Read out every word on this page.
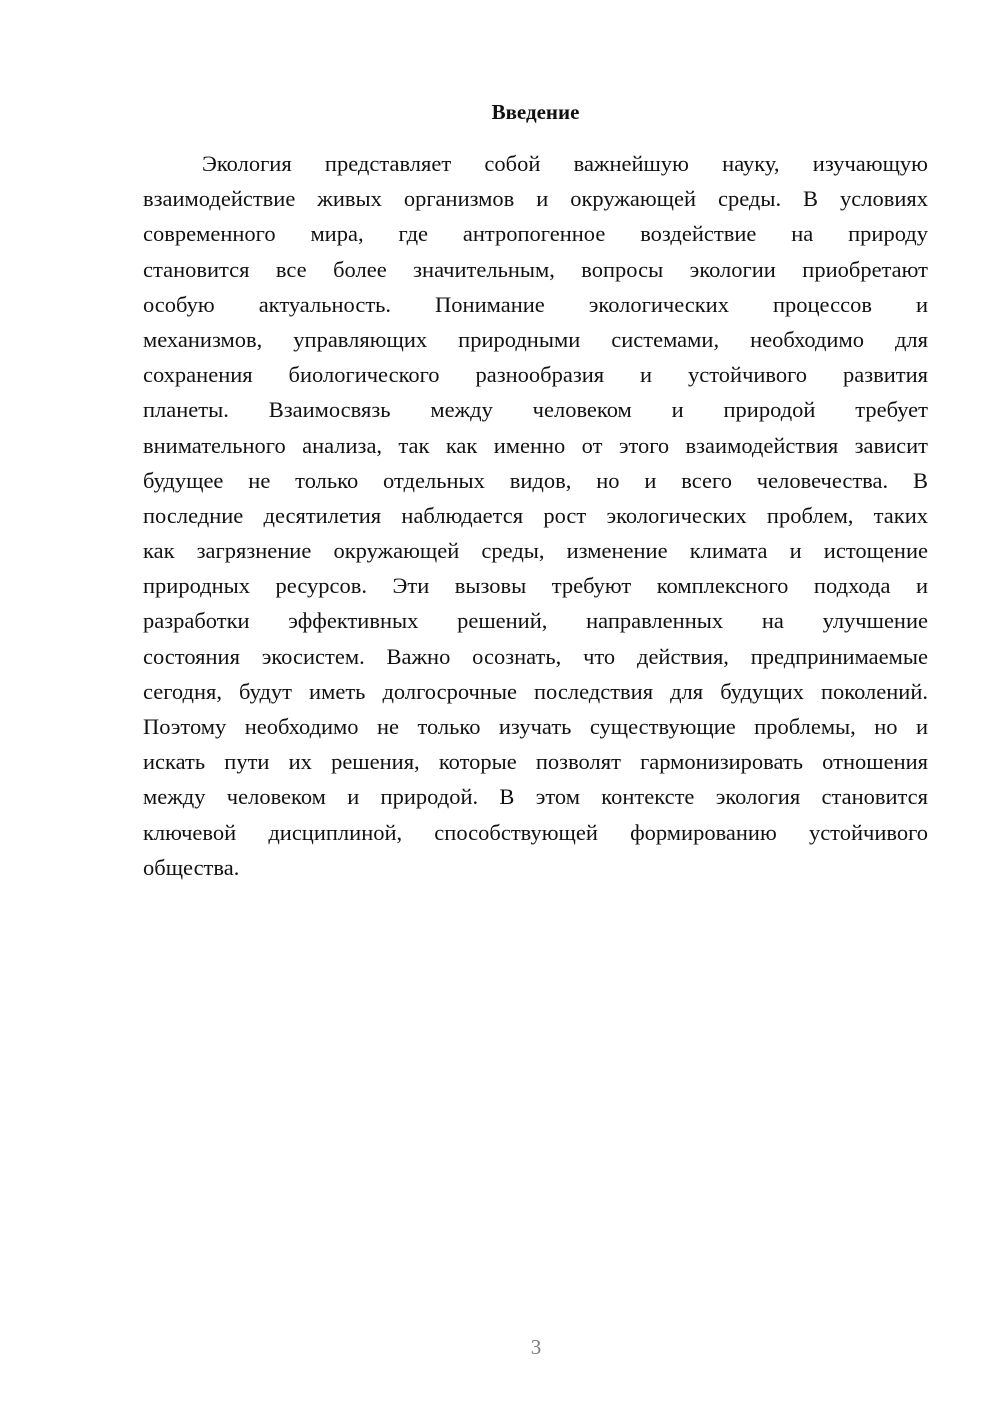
Введение
Экология представляет собой важнейшую науку, изучающую
взаимодействие живых организмов и окружающей среды. В условиях
современного мира, где антропогенное воздействие на природу
становится все более значительным, вопросы экологии приобретают
особую актуальность. Понимание экологических процессов и
механизмов, управляющих природными системами, необходимо для
сохранения биологического разнообразия и устойчивого развития
планеты. Взаимосвязь между человеком и природой требует
внимательного анализа, так как именно от этого взаимодействия зависит
будущее не только отдельных видов, но и всего человечества. В
последние десятилетия наблюдается рост экологических проблем, таких
как загрязнение окружающей среды, изменение климата и истощение
природных ресурсов. Эти вызовы требуют комплексного подхода и
разработки эффективных решений, направленных на улучшение
состояния экосистем. Важно осознать, что действия, предпринимаемые
сегодня, будут иметь долгосрочные последствия для будущих поколений.
Поэтому необходимо не только изучать существующие проблемы, но и
искать пути их решения, которые позволят гармонизировать отношения
между человеком и природой. В этом контексте экология становится
ключевой дисциплиной, способствующей формированию устойчивого
общества.
3
